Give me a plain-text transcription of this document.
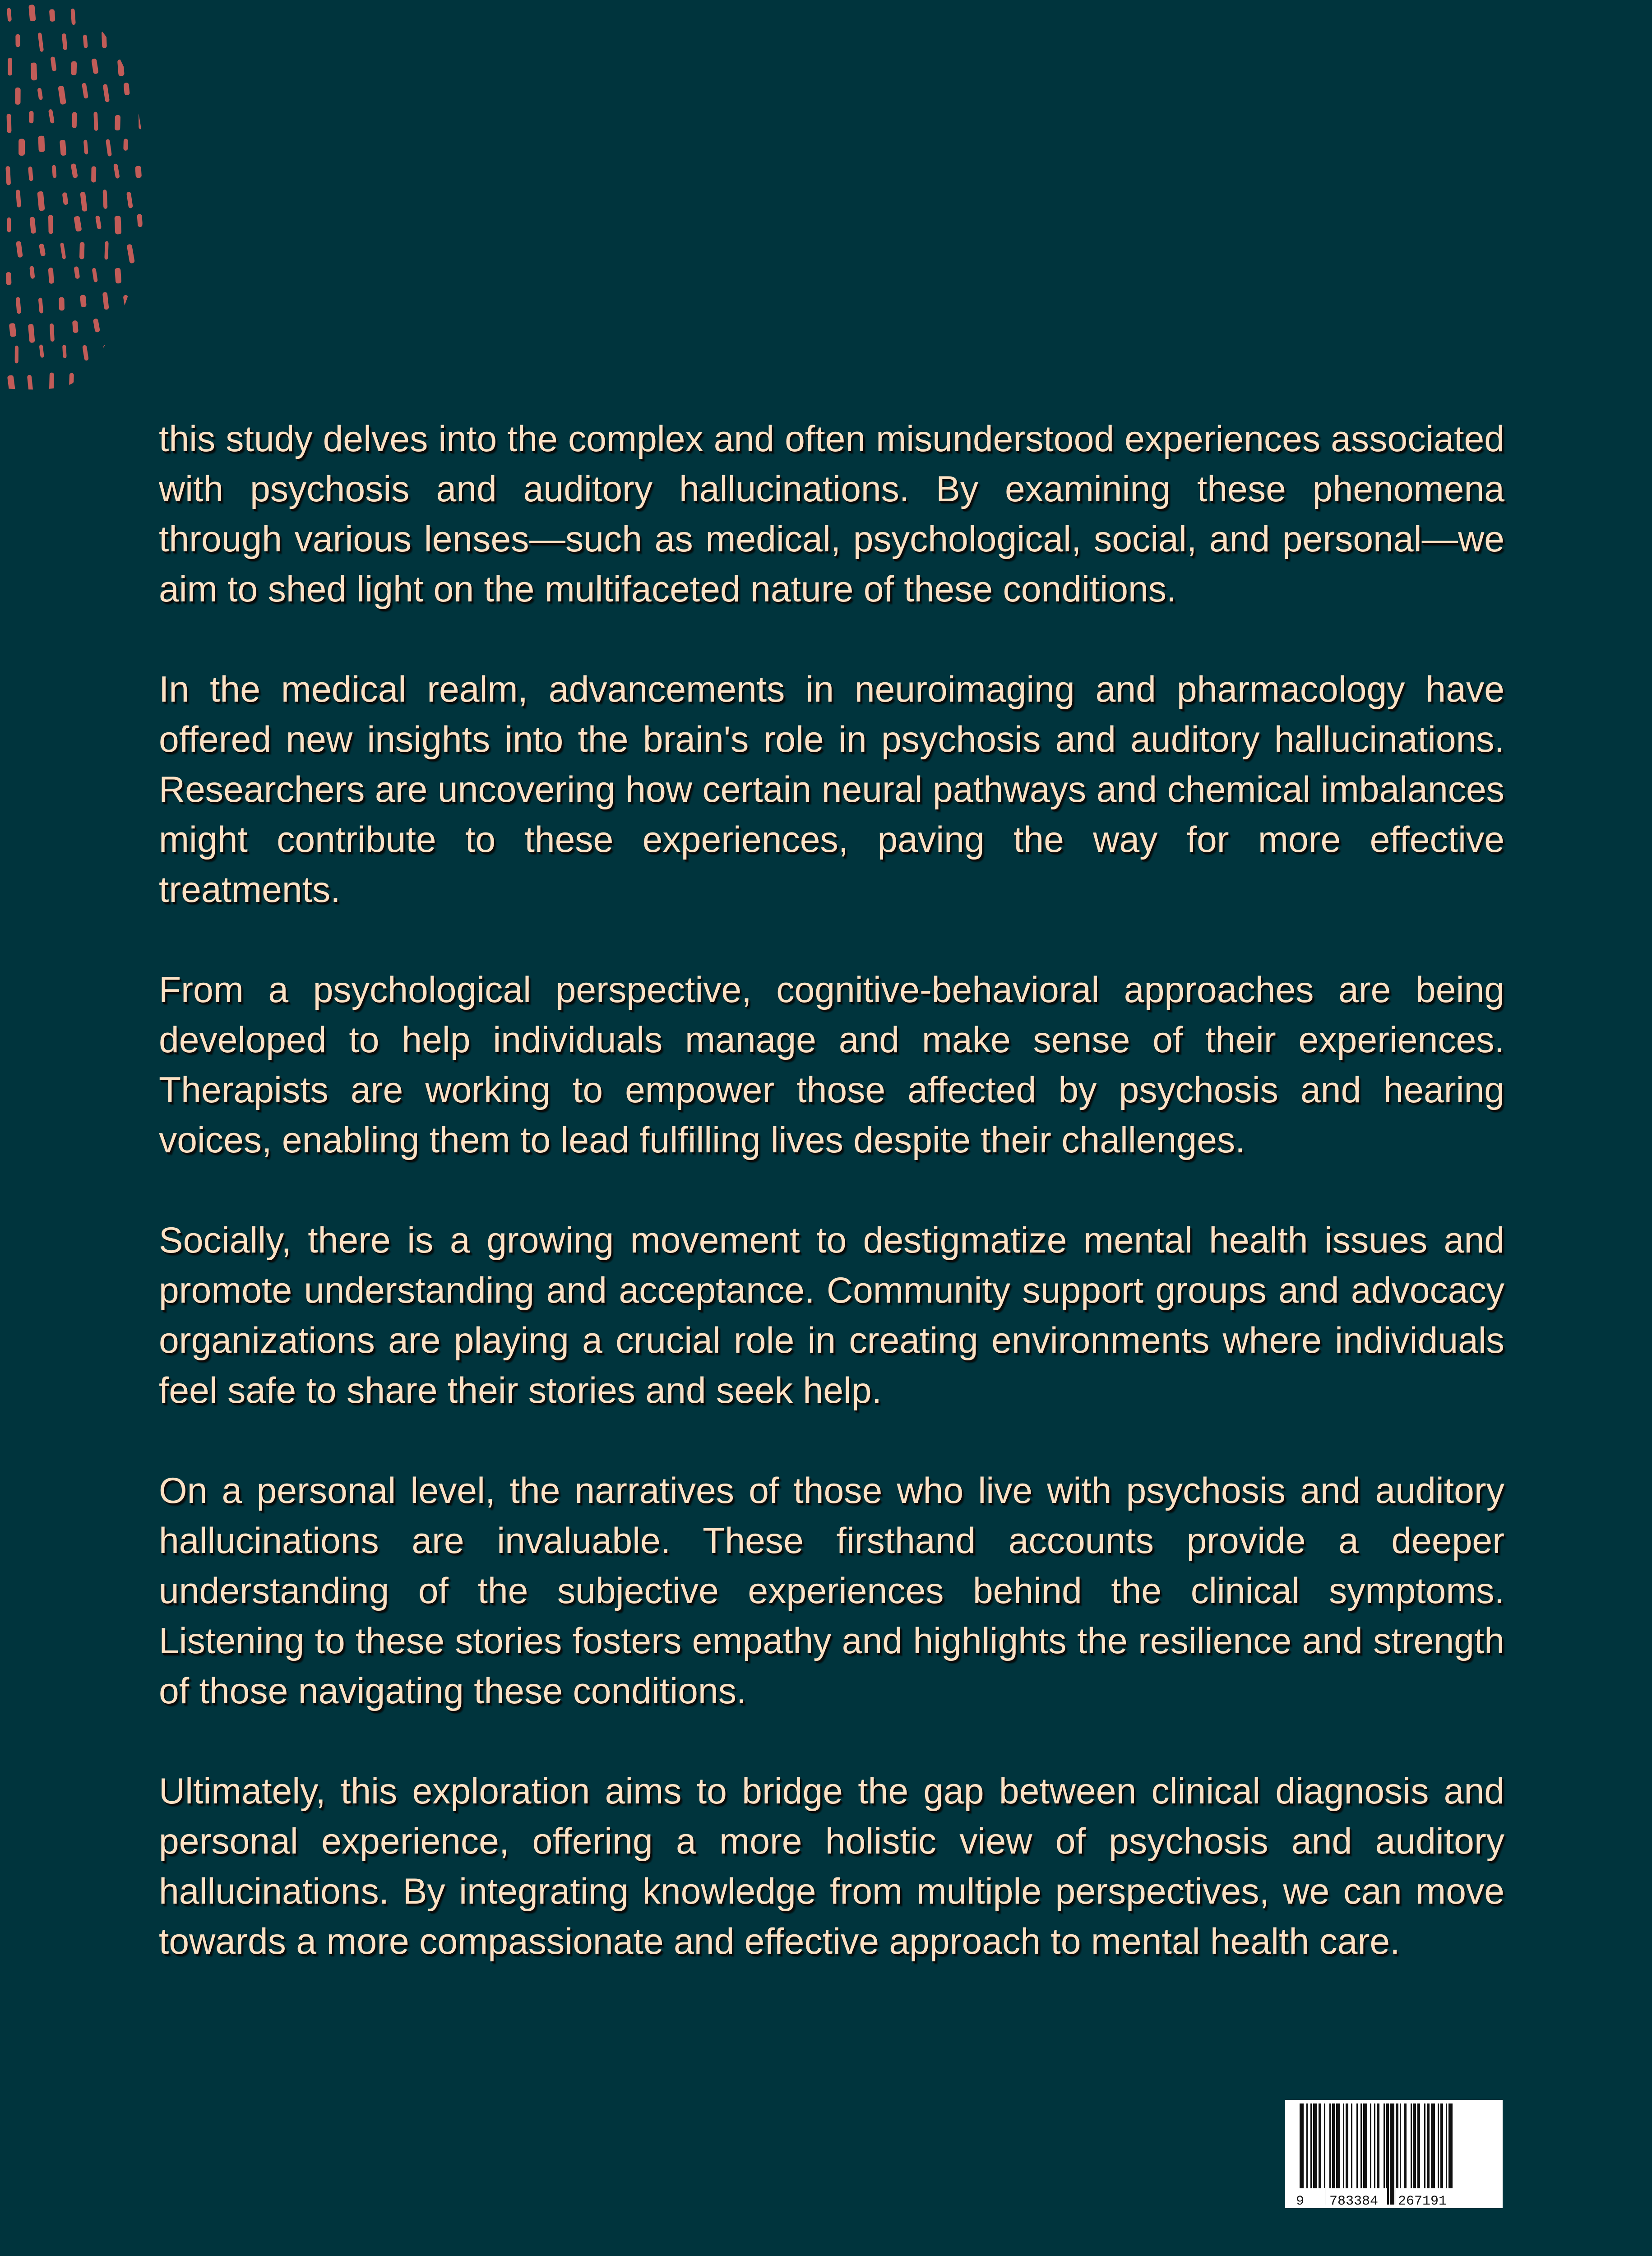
this study delves into the complex and often misunderstood experiences associated with psychosis and auditory hallucinations. By examining these phenomena through various lenses—such as medical, psychological, social, and personal—we aim to shed light on the multifaceted nature of these conditions.

In the medical realm, advancements in neuroimaging and pharmacology have offered new insights into the brain's role in psychosis and auditory hallucinations. Researchers are uncovering how certain neural pathways and chemical imbalances might contribute to these experiences, paving the way for more effective treatments.

From a psychological perspective, cognitive-behavioral approaches are being developed to help individuals manage and make sense of their experiences. Therapists are working to empower those affected by psychosis and hearing voices, enabling them to lead fulfilling lives despite their challenges.

Socially, there is a growing movement to destigmatize mental health issues and promote understanding and acceptance. Community support groups and advocacy organizations are playing a crucial role in creating environments where individuals feel safe to share their stories and seek help.

On a personal level, the narratives of those who live with psychosis and auditory hallucinations are invaluable. These firsthand accounts provide a deeper understanding of the subjective experiences behind the clinical symptoms. Listening to these stories fosters empathy and highlights the resilience and strength of those navigating these conditions.

Ultimately, this exploration aims to bridge the gap between clinical diagnosis and personal experience, offering a more holistic view of psychosis and auditory hallucinations. By integrating knowledge from multiple perspectives, we can move towards a more compassionate and effective approach to mental health care.

9 783384 267191
